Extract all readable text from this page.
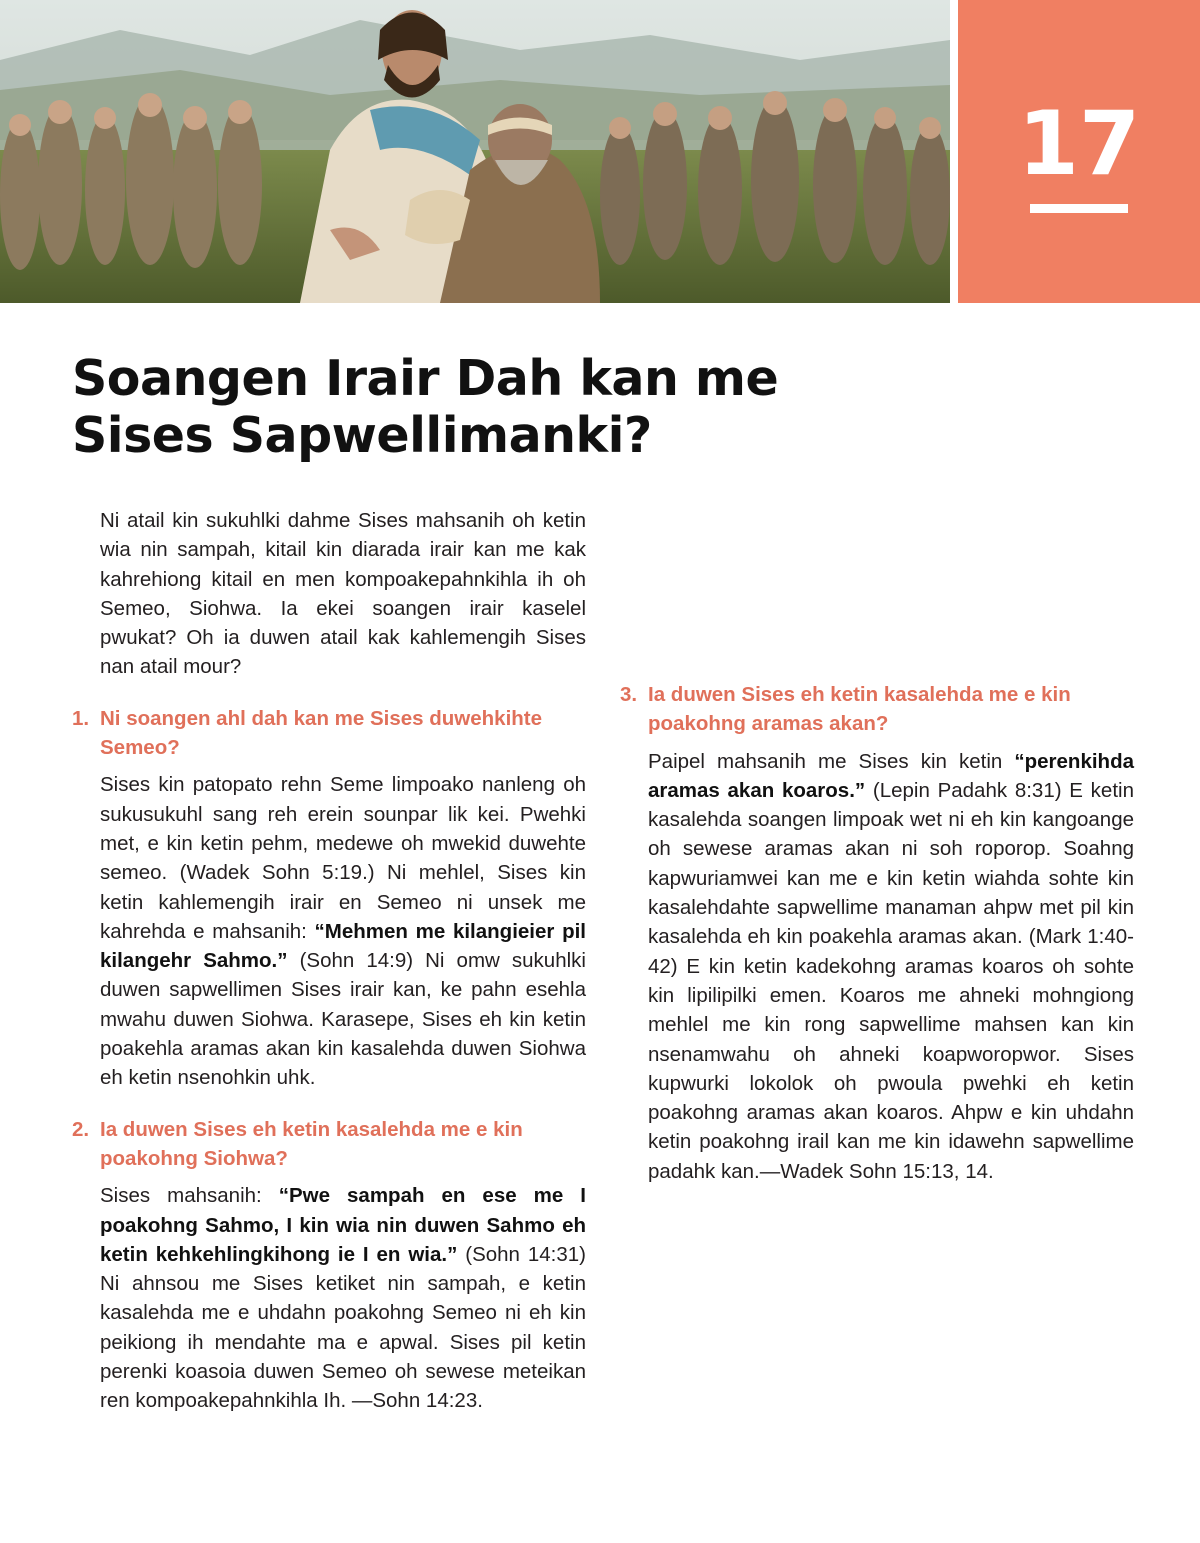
17
Soangen Irair Dah kan me
Sises Sapwellimanki?

Ni atail kin sukuhlki dahme Sises mahsanih oh ketin wia nin sampah, kitail kin diarada irair kan me kak kahrehiong kitail en men kompoakepahnkihla ih oh Semeo, Siohwa. Ia ekei soangen irair kaselel pwukat? Oh ia duwen atail kak kahlemengih Sises nan atail mour?

1. Ni soangen ahl dah kan me Sises duwehkihte Semeo?

Sises kin patopato rehn Seme limpoako nanleng oh sukusukuhl sang reh erein sounpar lik kei. Pwehki met, e kin ketin pehm, medewe oh mwekid duwehte semeo. (Wadek Sohn 5:19.) Ni mehlel, Sises kin ketin kahlemengih irair en Semeo ni unsek me kahrehda e mahsanih: “Mehmen me kilangieier pil kilangehr Sahmo.” (Sohn 14:9) Ni omw sukuhlki duwen sapwellimen Sises irair kan, ke pahn esehla mwahu duwen Siohwa. Karasepe, Sises eh kin ketin poakehla aramas akan kin kasalehda duwen Siohwa eh ketin nsenohkin uhk.

2. Ia duwen Sises eh ketin kasalehda me e kin poakohng Siohwa?

Sises mahsanih: “Pwe sampah en ese me I poakohng Sahmo, I kin wia nin duwen Sahmo eh ketin kehkehlingkihong ie I en wia.” (Sohn 14:31) Ni ahnsou me Sises ketiket nin sampah, e ketin kasalehda me e uhdahn poakohng Semeo ni eh kin peikiong ih mendahte ma e apwal. Sises pil ketin perenki koasoia duwen Semeo oh sewese meteikan ren kompoakepahnkihla Ih. —Sohn 14:23.

3. Ia duwen Sises eh ketin kasalehda me e kin poakohng aramas akan?

Paipel mahsanih me Sises kin ketin “perenkihda aramas akan koaros.” (Lepin Padahk 8:31) E ketin kasalehda soangen limpoak wet ni eh kin kangoange oh sewese aramas akan ni soh roporop. Soahng kapwuriamwei kan me e kin ketin wiahda sohte kin kasalehdahte sapwellime manaman ahpw met pil kin kasalehda eh kin poakehla aramas akan. (Mark 1:40-42) E kin ketin kadekohng aramas koaros oh sohte kin lipilipilki emen. Koaros me ahneki mohngiong mehlel me kin rong sapwellime mahsen kan kin nsenamwahu oh ahneki koapworopwor. Sises kupwurki lokolok oh pwoula pwehki eh ketin poakohng aramas akan koaros. Ahpw e kin uhdahn ketin poakohng irail kan me kin idawehn sapwellime padahk kan.—Wadek Sohn 15:13, 14.
